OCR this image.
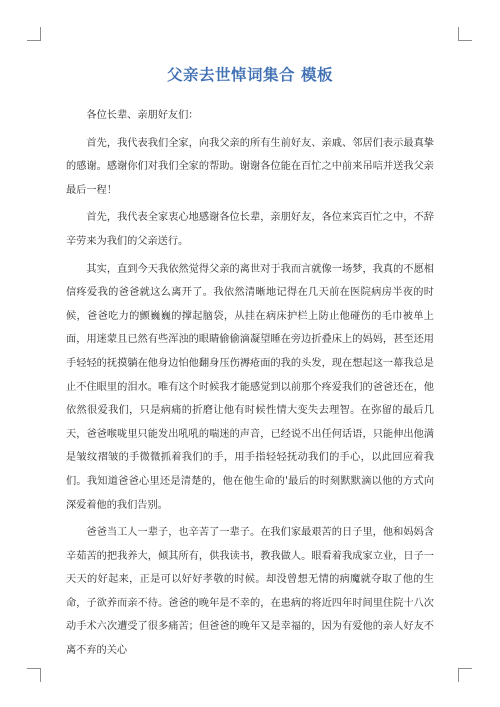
父亲去世悼词集合 模板

各位长辈、亲朋好友们：

首先，我代表我们全家，向我父亲的所有生前好友、亲戚、邻居们表示最真挚的感谢。感谢你们对我们全家的帮助。谢谢各位能在百忙之中前来吊唁并送我父亲最后一程！

首先，我代表全家衷心地感谢各位长辈，亲朋好友，各位来宾百忙之中，不辞辛劳来为我们的父亲送行。

其实，直到今天我依然觉得父亲的离世对于我而言就像一场梦，我真的不愿相信疼爱我的爸爸就这么离开了。我依然清晰地记得在几天前在医院病房半夜的时候，爸爸吃力的颤巍巍的撑起脑袋，从挂在病床护栏上防止他碰伤的毛巾被单上面，用迷蒙且已然有些浑浊的眼睛偷偷滴凝望睡在旁边折叠床上的妈妈，甚至还用手轻轻的抚摸躺在他身边怕他翻身压伤褥疮面的我的头发，现在想起这一幕我总是止不住眼里的泪水。唯有这个时候我才能感觉到以前那个疼爱我们的爸爸还在，他依然很爱我们，只是病痛的折磨让他有时候性情大变失去理智。在弥留的最后几天，爸爸喉咙里只能发出吼吼的喘迷的声音，已经说不出任何话语，只能伸出他满是皱纹褶皱的手微微抓着我们的手，用手指轻轻抚动我们的手心，以此回应着我们。我知道爸爸心里还是清楚的，他在他生命的'最后的时刻默默滴以他的方式向深爱着他的我们告别。

爸爸当工人一辈子，也辛苦了一辈子。在我们家最艰苦的日子里，他和妈妈含辛茹苦的把我养大，倾其所有，供我读书，教我做人。眼看着我成家立业，日子一天天的好起来，正是可以好好孝敬的时候。却没曾想无情的病魔就夺取了他的生命，子欲养而亲不待。爸爸的晚年是不幸的，在患病的将近四年时间里住院十八次动手术六次遭受了很多痛苦；但爸爸的晚年又是幸福的，因为有爱他的亲人好友不离不弃的关心
